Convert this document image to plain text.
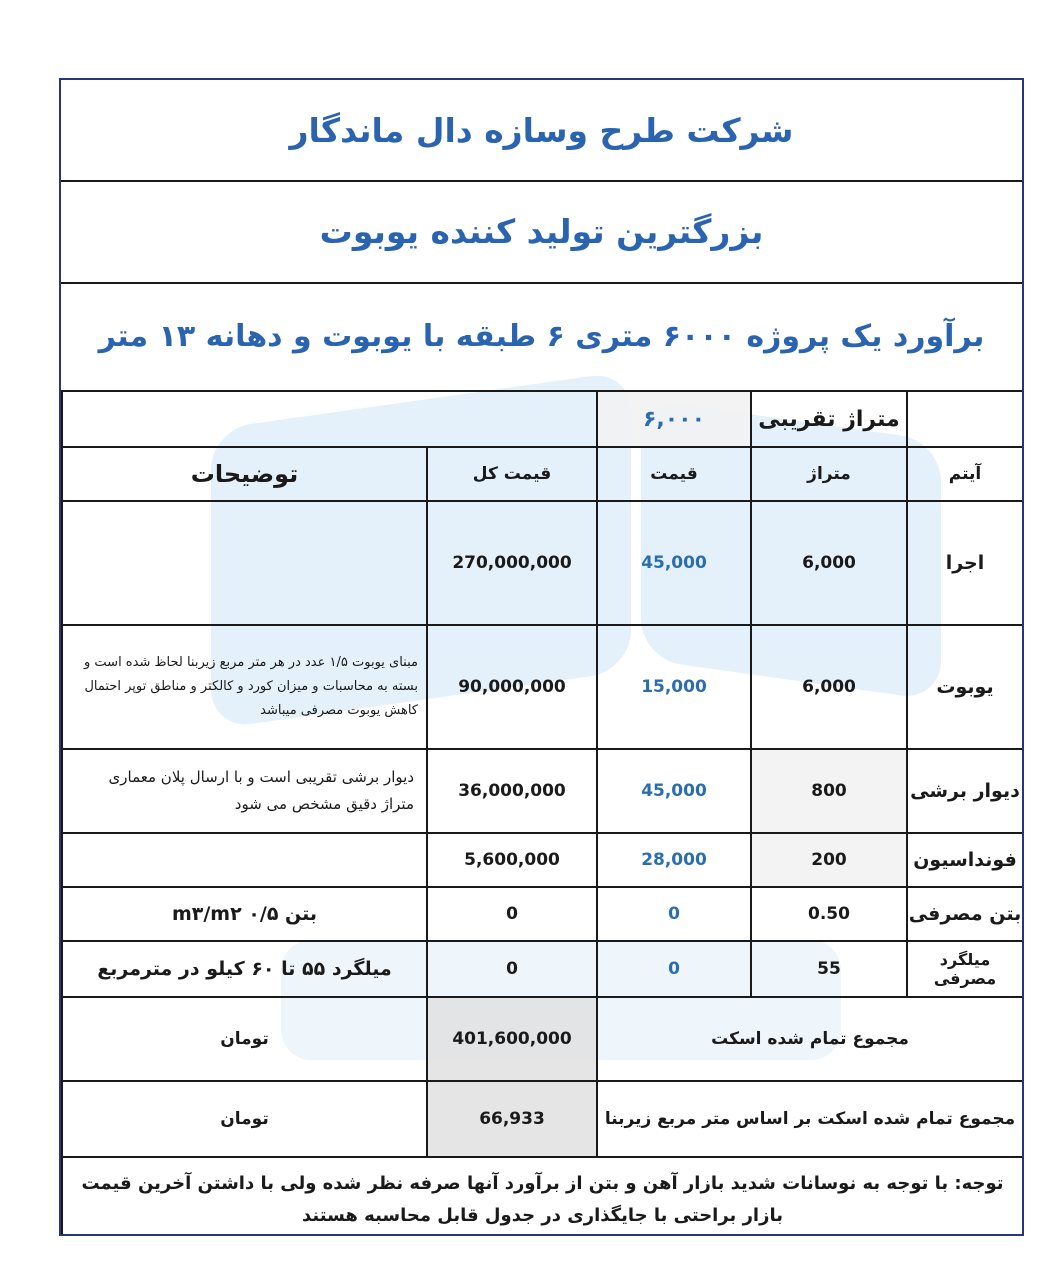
شرکت طرح وسازه دال ماندگار
بزرگترین تولید کننده یوبوت
برآورد یک پروژه ۶۰۰۰ متری ۶ طبقه با یوبوت و دهانه ۱۳ متر
	متراژ تقریبی	۶,۰۰۰		
آیتم	متراژ	قیمت	قیمت کل	توضیحات
اجرا	6,000	45,000	270,000,000	
یوبوت	6,000	15,000	90,000,000	مبنای یوبوت ۱/۵ عدد در هر متر مربع زیربنا لحاظ شده است و بسته به محاسبات و میزان کورد و کالکتر و مناطق توپر احتمال کاهش یوبوت مصرفی میباشد
دیوار برشی	800	45,000	36,000,000	دیوار برشی تقریبی است و با ارسال پلان معماری متراژ دقیق مشخص می شود
فونداسیون	200	28,000	5,600,000	
بتن مصرفی	0.50	0	0	بتن ۰/۵ m۳/m۲
میلگرد مصرفی	55	0	0	میلگرد ۵۵ تا ۶۰ کیلو در مترمربع
مجموع تمام شده اسکت			401,600,000	تومان
مجموع تمام شده اسکت بر اساس متر مربع زیربنا			66,933	تومان
توجه: با توجه به نوسانات شدید بازار آهن و بتن از برآورد آنها صرفه نظر شده ولی با داشتن آخرین قیمت بازار براحتی با جایگذاری در جدول قابل محاسبه هستند				
